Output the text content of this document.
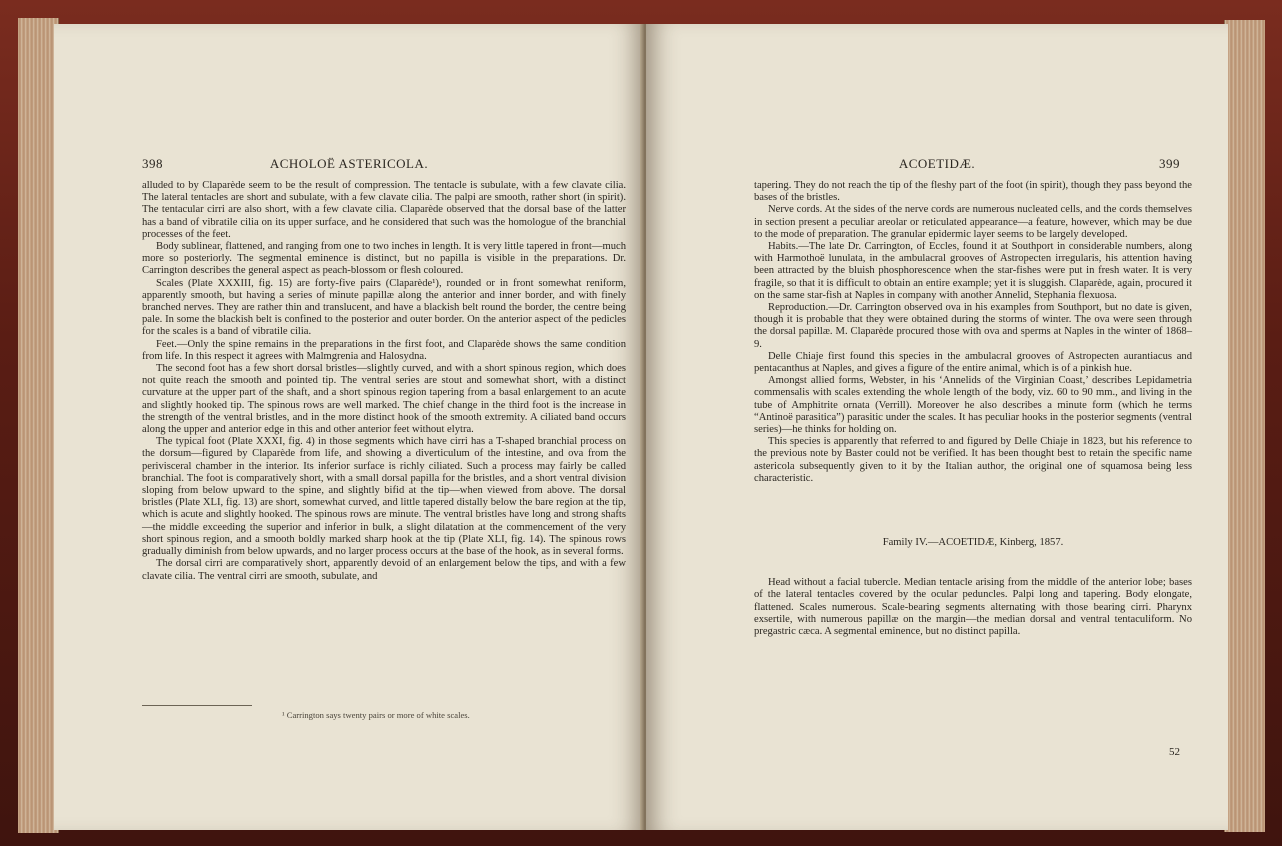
398	ACHOLOË ASTERICOLA.

alluded to by Claparède seem to be the result of compression. The tentacle is subulate, with a few clavate cilia. The lateral tentacles are short and subulate, with a few clavate cilia. The palpi are smooth, rather short (in spirit). The tentacular cirri are also short, with a few clavate cilia. Claparède observed that the dorsal base of the latter has a band of vibratile cilia on its upper surface, and he considered that such was the homologue of the branchial processes of the feet.

Body sublinear, flattened, and ranging from one to two inches in length. It is very little tapered in front—much more so posteriorly. The segmental eminence is distinct, but no papilla is visible in the preparations. Dr. Carrington describes the general aspect as peach-blossom or flesh coloured.

Scales (Plate XXXIII, fig. 15) are forty-five pairs (Claparède¹), rounded or in front somewhat reniform, apparently smooth, but having a series of minute papillæ along the anterior and inner border, and with finely branched nerves. They are rather thin and translucent, and have a blackish belt round the border, the centre being pale. In some the blackish belt is confined to the posterior and outer border. On the anterior aspect of the pedicles for the scales is a band of vibratile cilia.

Feet.—Only the spine remains in the preparations in the first foot, and Claparède shows the same condition from life. In this respect it agrees with Malmgrenia and Halosydna.

The second foot has a few short dorsal bristles—slightly curved, and with a short spinous region, which does not quite reach the smooth and pointed tip. The ventral series are stout and somewhat short, with a distinct curvature at the upper part of the shaft, and a short spinous region tapering from a basal enlargement to an acute and slightly hooked tip. The spinous rows are well marked. The chief change in the third foot is the increase in the strength of the ventral bristles, and in the more distinct hook of the smooth extremity. A ciliated band occurs along the upper and anterior edge in this and other anterior feet without elytra.

The typical foot (Plate XXXI, fig. 4) in those segments which have cirri has a T-shaped branchial process on the dorsum—figured by Claparède from life, and showing a diverticulum of the intestine, and ova from the perivisceral chamber in the interior. Its inferior surface is richly ciliated. Such a process may fairly be called branchial. The foot is comparatively short, with a small dorsal papilla for the bristles, and a short ventral division sloping from below upward to the spine, and slightly bifid at the tip—when viewed from above. The dorsal bristles (Plate XLI, fig. 13) are short, somewhat curved, and little tapered distally below the bare region at the tip, which is acute and slightly hooked. The spinous rows are minute. The ventral bristles have long and strong shafts—the middle exceeding the superior and inferior in bulk, a slight dilatation at the commencement of the very short spinous region, and a smooth boldly marked sharp hook at the tip (Plate XLI, fig. 14). The spinous rows gradually diminish from below upwards, and no larger process occurs at the base of the hook, as in several forms.

The dorsal cirri are comparatively short, apparently devoid of an enlargement below the tips, and with a few clavate cilia. The ventral cirri are smooth, subulate, and

¹ Carrington says twenty pairs or more of white scales.
ACOETIDÆ.	399

tapering. They do not reach the tip of the fleshy part of the foot (in spirit), though they pass beyond the bases of the bristles.

Nerve cords. At the sides of the nerve cords are numerous nucleated cells, and the cords themselves in section present a peculiar areolar or reticulated appearance—a feature, however, which may be due to the mode of preparation. The granular epidermic layer seems to be largely developed.

Habits.—The late Dr. Carrington, of Eccles, found it at Southport in considerable numbers, along with Harmothoë lunulata, in the ambulacral grooves of Astropecten irregularis, his attention having been attracted by the bluish phosphorescence when the star-fishes were put in fresh water. It is very fragile, so that it is difficult to obtain an entire example; yet it is sluggish. Claparède, again, procured it on the same star-fish at Naples in company with another Annelid, Stephania flexuosa.

Reproduction.—Dr. Carrington observed ova in his examples from Southport, but no date is given, though it is probable that they were obtained during the storms of winter. The ova were seen through the dorsal papillæ. M. Claparède procured those with ova and sperms at Naples in the winter of 1868–9.

Delle Chiaje first found this species in the ambulacral grooves of Astropecten aurantiacus and pentacanthus at Naples, and gives a figure of the entire animal, which is of a pinkish hue.

Amongst allied forms, Webster, in his ‘Annelids of the Virginian Coast,’ describes Lepidametria commensalis with scales extending the whole length of the body, viz. 60 to 90 mm., and living in the tube of Amphitrite ornata (Verrill). Moreover he also describes a minute form (which he terms “Antinoë parasitica”) parasitic under the scales. It has peculiar hooks in the posterior segments (ventral series)—he thinks for holding on.

This species is apparently that referred to and figured by Delle Chiaje in 1823, but his reference to the previous note by Baster could not be verified. It has been thought best to retain the specific name astericola subsequently given to it by the Italian author, the original one of squamosa being less characteristic.

Family IV.—ACOETIDÆ, Kinberg, 1857.

Head without a facial tubercle. Median tentacle arising from the middle of the anterior lobe; bases of the lateral tentacles covered by the ocular peduncles. Palpi long and tapering. Body elongate, flattened. Scales numerous. Scale-bearing segments alternating with those bearing cirri. Pharynx exsertile, with numerous papillæ on the margin—the median dorsal and ventral tentaculiform. No pregastric cæca. A segmental eminence, but no distinct papilla.

52
